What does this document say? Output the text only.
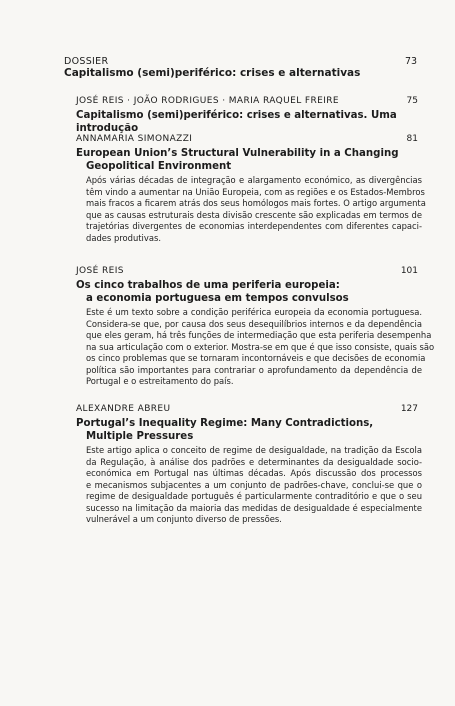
DOSSIER	73
Capitalismo (semi)periférico: crises e alternativas
JOSÉ REIS · JOÃO RODRIGUES · MARIA RAQUEL FREIRE	75
Capitalismo (semi)periférico: crises e alternativas. Uma introdução
ANNAMARIA SIMONAZZI	81
European Union’s Structural Vulnerability in a Changing
Geopolitical Environment
Após várias décadas de integração e alargamento económico, as divergências
têm vindo a aumentar na União Europeia, com as regiões e os Estados-Membros
mais fracos a ficarem atrás dos seus homólogos mais fortes. O artigo argumenta
que as causas estruturais desta divisão crescente são explicadas em termos de
trajetórias divergentes de economias interdependentes com diferentes capaci-
dades produtivas.
JOSÉ REIS	101
Os cinco trabalhos de uma periferia europeia:
a economia portuguesa em tempos convulsos
Este é um texto sobre a condição periférica europeia da economia portuguesa.
Considera-se que, por causa dos seus desequilíbrios internos e da dependência
que eles geram, há três funções de intermediação que esta periferia desempenha
na sua articulação com o exterior. Mostra-se em que é que isso consiste, quais são
os cinco problemas que se tornaram incontornáveis e que decisões de economia
política são importantes para contrariar o aprofundamento da dependência de
Portugal e o estreitamento do país.
ALEXANDRE ABREU	127
Portugal’s Inequality Regime: Many Contradictions,
Multiple Pressures
Este artigo aplica o conceito de regime de desigualdade, na tradição da Escola
da Regulação, à análise dos padrões e determinantes da desigualdade socio-
económica em Portugal nas últimas décadas. Após discussão dos processos
e mecanismos subjacentes a um conjunto de padrões-chave, conclui-se que o
regime de desigualdade português é particularmente contraditório e que o seu
sucesso na limitação da maioria das medidas de desigualdade é especialmente
vulnerável a um conjunto diverso de pressões.
